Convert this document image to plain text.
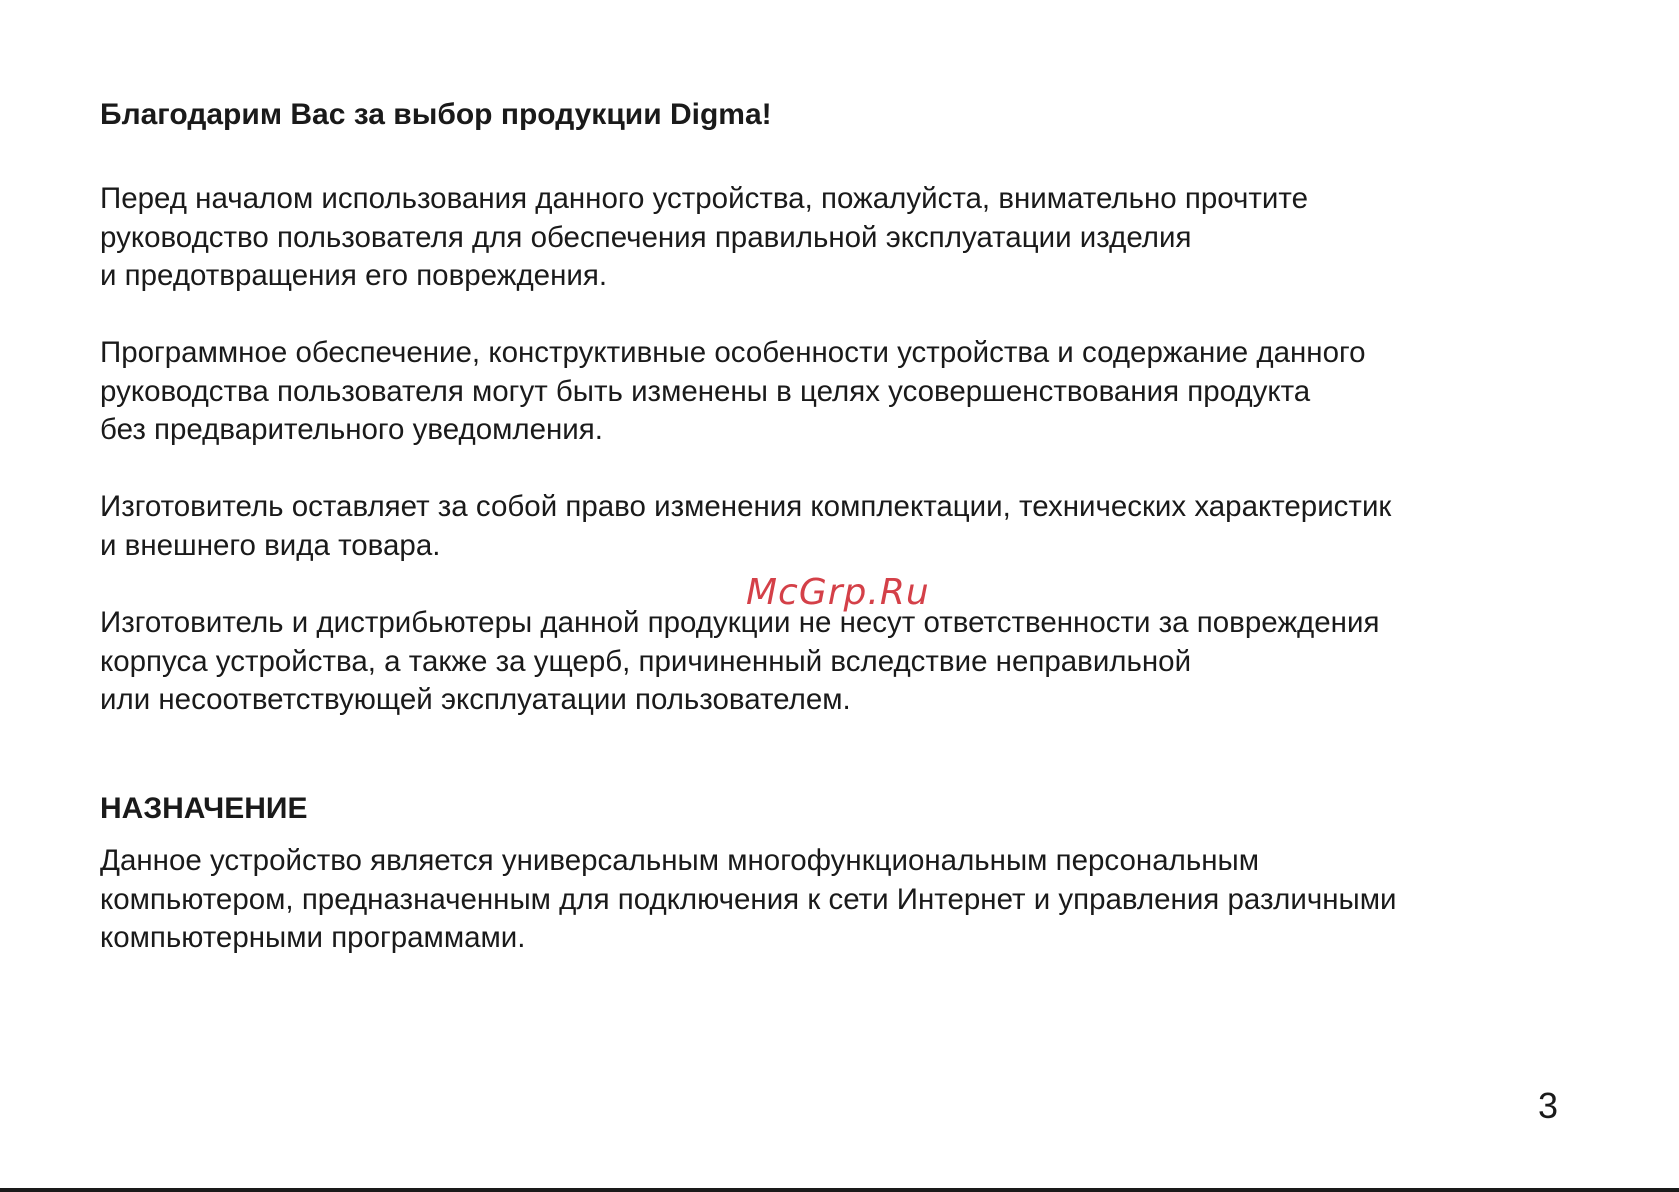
Благодарим Вас за выбор продукции Digma!

Перед началом использования данного устройства, пожалуйста, внимательно прочтите
руководство пользователя для обеспечения правильной эксплуатации изделия
и предотвращения его повреждения.

Программное обеспечение, конструктивные особенности устройства и содержание данного
руководства пользователя могут быть изменены в целях усовершенствования продукта
без предварительного уведомления.

Изготовитель оставляет за собой право изменения комплектации, технических характеристик
и внешнего вида товара.

Изготовитель и дистрибьютеры данной продукции не несут ответственности за повреждения
корпуса устройства, а также за ущерб, причиненный вследствие неправильной
или несоответствующей эксплуатации пользователем.

НАЗНАЧЕНИЕ

Данное устройство является универсальным многофункциональным персональным
компьютером, предназначенным для подключения к сети Интернет и управления различными
компьютерными программами.

McGrp.Ru
3
